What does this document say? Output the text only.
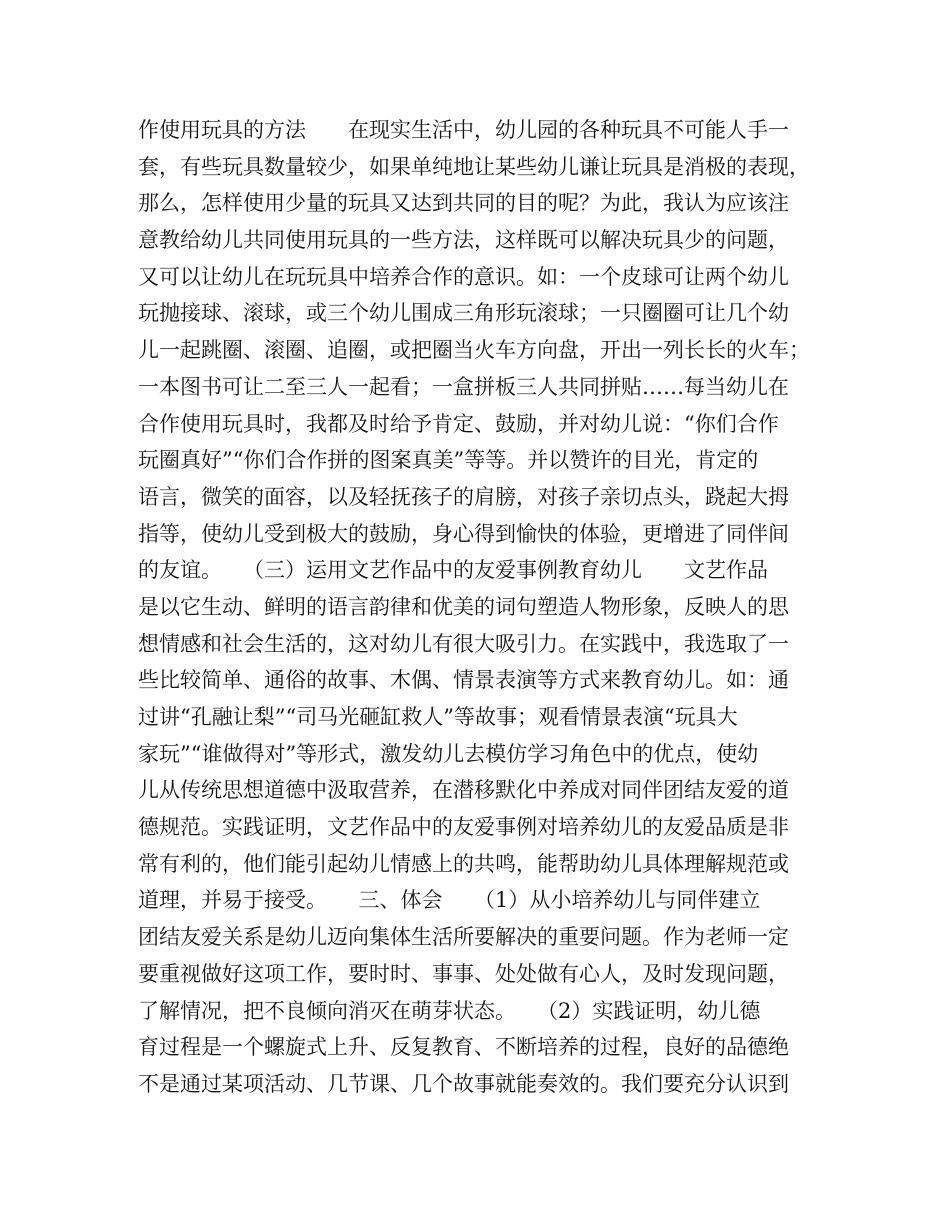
作使用玩具的方法　　在现实生活中，幼儿园的各种玩具不可能人手一
套，有些玩具数量较少，如果单纯地让某些幼儿谦让玩具是消极的表现，
那么，怎样使用少量的玩具又达到共同的目的呢？为此，我认为应该注
意教给幼儿共同使用玩具的一些方法，这样既可以解决玩具少的问题，
又可以让幼儿在玩玩具中培养合作的意识。如：一个皮球可让两个幼儿
玩抛接球、滚球，或三个幼儿围成三角形玩滚球；一只圈圈可让几个幼
儿一起跳圈、滚圈、追圈，或把圈当火车方向盘，开出一列长长的火车；
一本图书可让二至三人一起看；一盒拼板三人共同拼贴……每当幼儿在
合作使用玩具时，我都及时给予肯定、鼓励，并对幼儿说：“你们合作
玩圈真好”“你们合作拼的图案真美”等等。并以赞许的目光，肯定的
语言，微笑的面容，以及轻抚孩子的肩膀，对孩子亲切点头，跷起大拇
指等，使幼儿受到极大的鼓励，身心得到愉快的体验，更增进了同伴间
的友谊。　　（三）运用文艺作品中的友爱事例教育幼儿　　文艺作品
是以它生动、鲜明的语言韵律和优美的词句塑造人物形象，反映人的思
想情感和社会生活的，这对幼儿有很大吸引力。在实践中，我选取了一
些比较简单、通俗的故事、木偶、情景表演等方式来教育幼儿。如：通
过讲“孔融让梨”“司马光砸缸救人”等故事；观看情景表演“玩具大
家玩”“谁做得对”等形式，激发幼儿去模仿学习角色中的优点，使幼
儿从传统思想道德中汲取营养，在潜移默化中养成对同伴团结友爱的道
德规范。实践证明，文艺作品中的友爱事例对培养幼儿的友爱品质是非
常有利的，他们能引起幼儿情感上的共鸣，能帮助幼儿具体理解规范或
道理，并易于接受。　　三、体会　　（1）从小培养幼儿与同伴建立
团结友爱关系是幼儿迈向集体生活所要解决的重要问题。作为老师一定
要重视做好这项工作，要时时、事事、处处做有心人，及时发现问题，
了解情况，把不良倾向消灭在萌芽状态。　　（2）实践证明，幼儿德
育过程是一个螺旋式上升、反复教育、不断培养的过程，良好的品德绝
不是通过某项活动、几节课、几个故事就能奏效的。我们要充分认识到
